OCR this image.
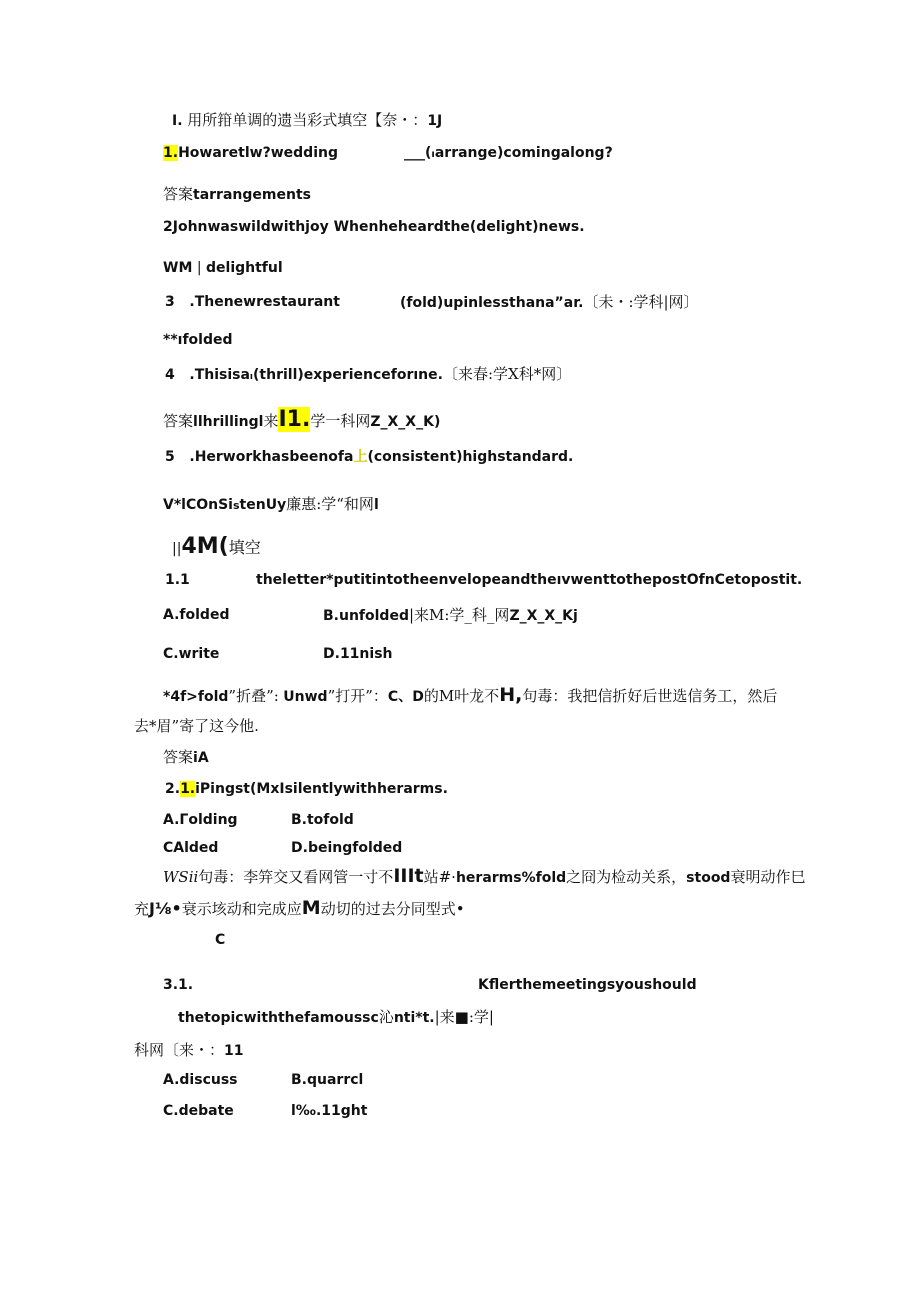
I. 用所箝单调的遗当彩式填空【奈・：1J
1.Howaretlw?wedding	___(ıarrange)comingalong?
答案tarrangements
2Johnwaswildwithjoy Whenheheardthe(delight)news.
WM | delightful
3 .Thenewrestaurant	(fold)upinlessthana”ar.〔未・:学科|网〕
**ıfolded
4 .Thisisaı(thrill)experienceforıne.〔来春:学X科*网〕
答案llhrillingl来I1.学一科网Z_X_X_K)
5 .Herworkhasbeenofa上(consistent)highstandard.
V*lCOnSistenUy廉惠:学“和网l
||4M(填空
1.1	theletter*putitintotheenvelopeandtheıvwenttothepostOfnCetopostit.
A.folded	B.unfolded|来M:学_科_网Z_X_X_Kj
C.write	D.11nish
*4f>fold”折叠”: Unwd”打开”：C、D的M叶龙不H,句毒：我把信折好后世选信务工，然后
去*眉”寄了这今他.
答案iA
2.1.iPingst(MxIsilentlywithherarms.
A.Γolding	B.tofold
CAlded	D.beingfolded
WSii句毒：李笄交又看网管一寸不IIIt站#·herarms%fold之冏为检动关系，stood衰明动作巳
充J⅛•衰示垓动和完成应M动切的过去分同型式•
C
3.1.	Kflerthemeetingsyoushould
thetopicwiththefamoussc沁nti*t.|来■:学|
科网〔来・：11
A.discuss	B.quarrcl
C.debate	l‰.11ght
